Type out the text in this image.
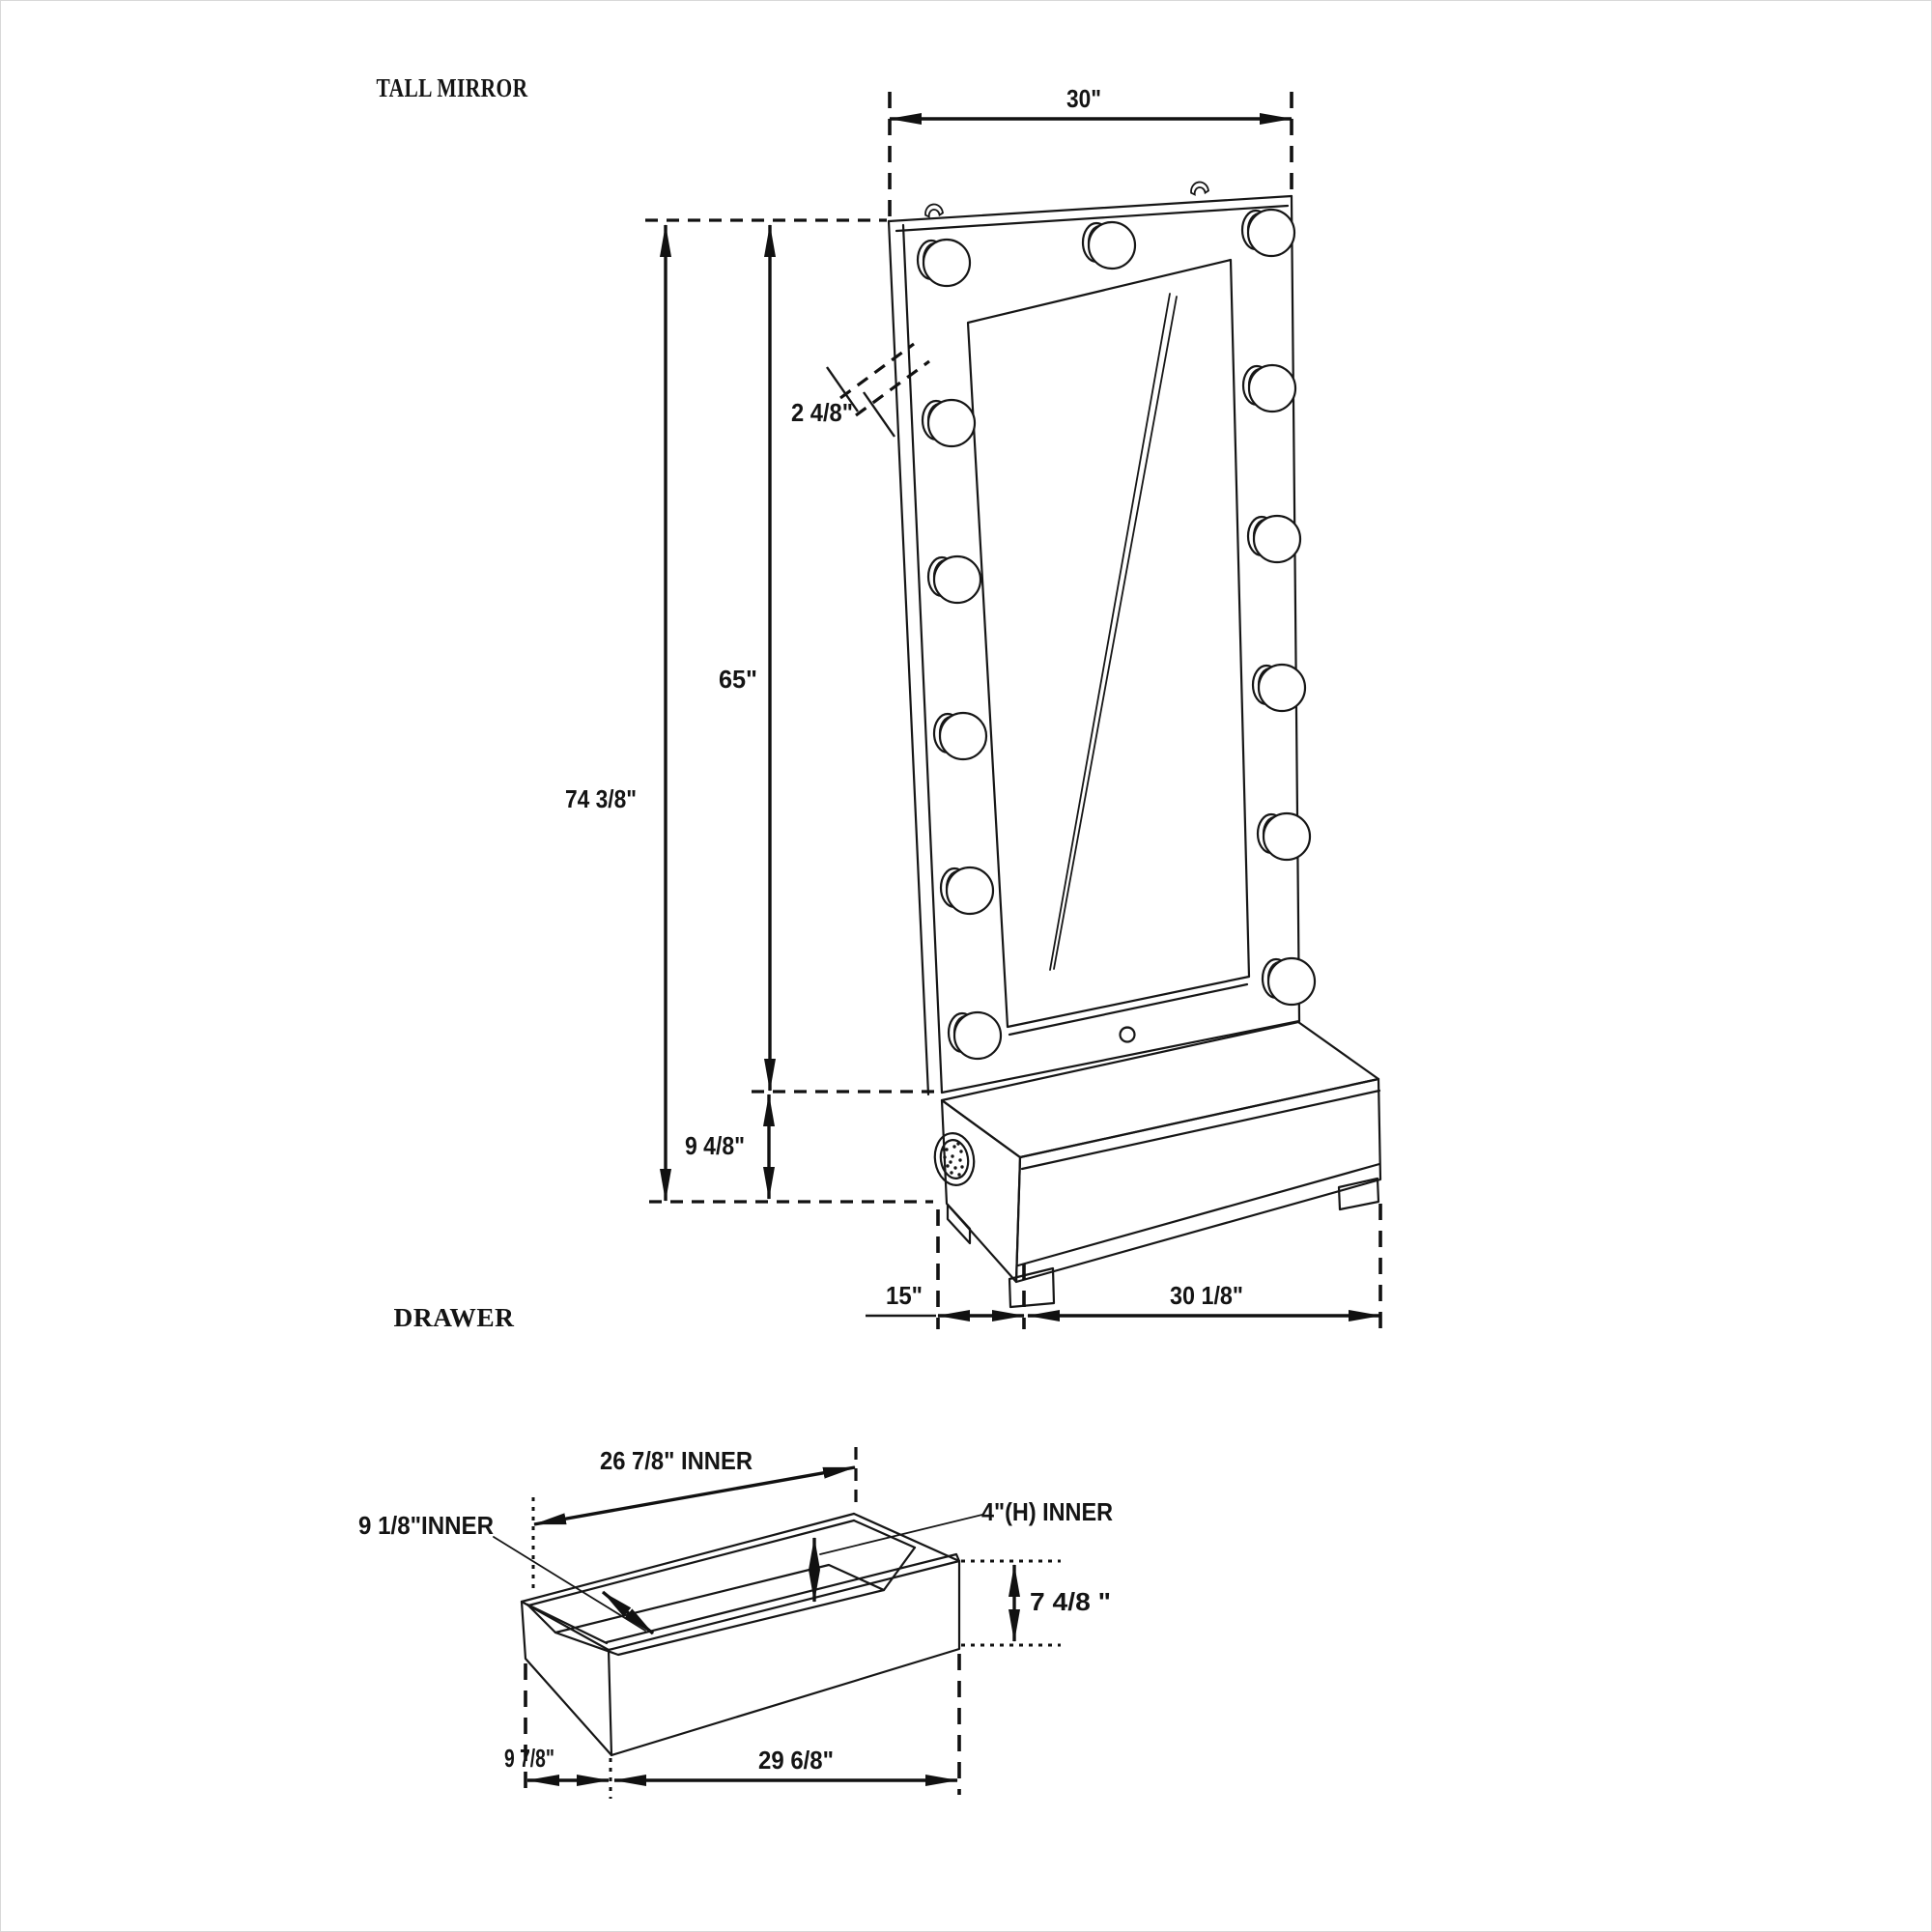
TALL MIRROR	30"
74 3/8"
65"
9 4/8"
2 4/8"
15"	30 1/8"
DRAWER
26 7/8" INNER
9 1/8"INNER	4"(H) INNER
7 4/8 "
9 7/8"	29 6/8"
